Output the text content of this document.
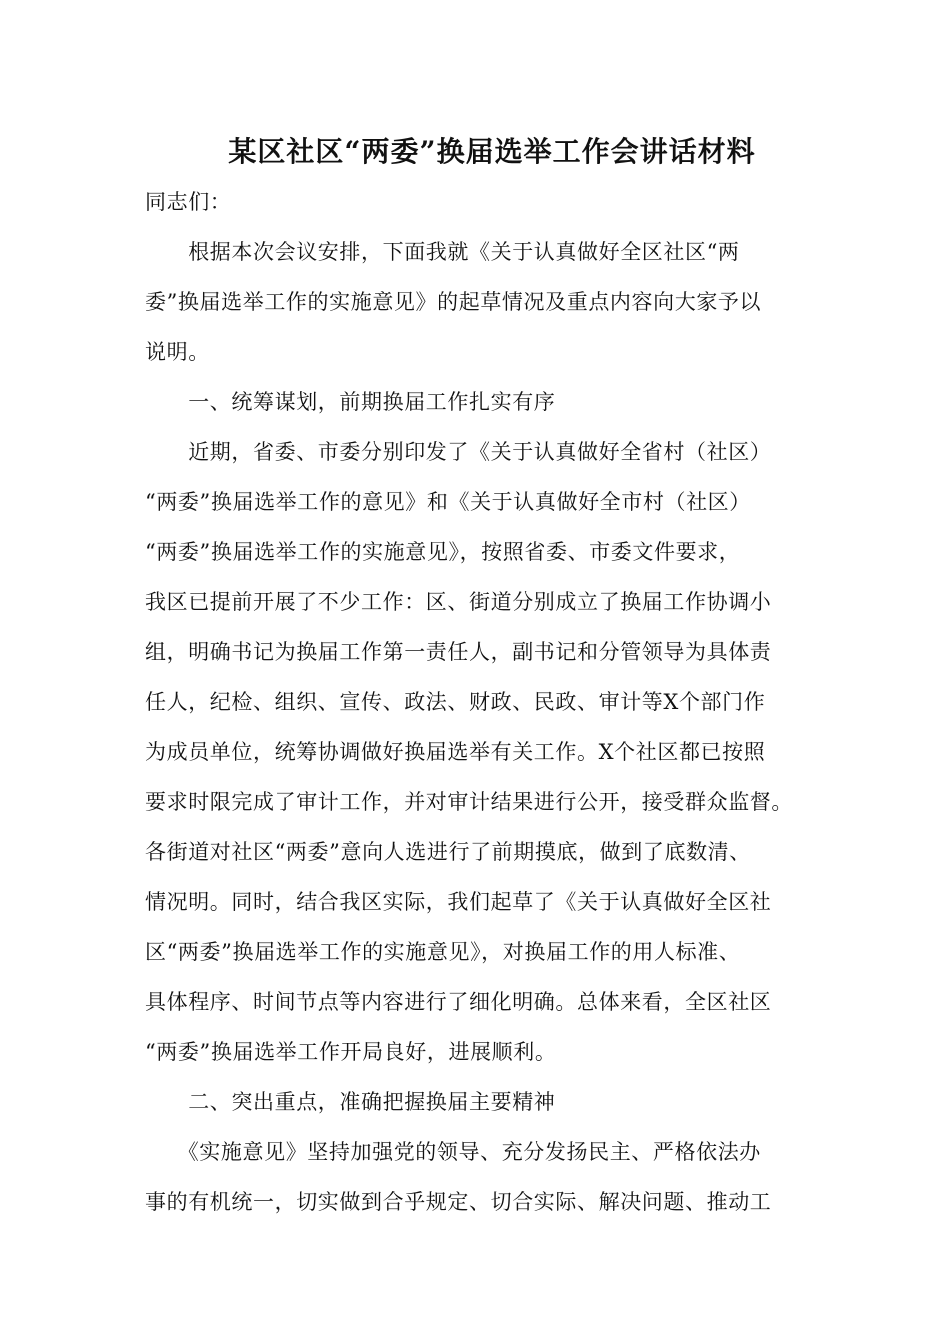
某区社区“两委”换届选举工作会讲话材料
同志们：
　　根据本次会议安排，下面我就《关于认真做好全区社区“两
委”换届选举工作的实施意见》的起草情况及重点内容向大家予以
说明。
　　一、统筹谋划，前期换届工作扎实有序
　　近期，省委、市委分别印发了《关于认真做好全省村（社区）
“两委”换届选举工作的意见》和《关于认真做好全市村（社区）
“两委”换届选举工作的实施意见》，按照省委、市委文件要求，
我区已提前开展了不少工作：区、街道分别成立了换届工作协调小
组，明确书记为换届工作第一责任人，副书记和分管领导为具体责
任人，纪检、组织、宣传、政法、财政、民政、审计等X个部门作
为成员单位，统筹协调做好换届选举有关工作。X个社区都已按照
要求时限完成了审计工作，并对审计结果进行公开，接受群众监督。
各街道对社区“两委”意向人选进行了前期摸底，做到了底数清、
情况明。同时，结合我区实际，我们起草了《关于认真做好全区社
区“两委”换届选举工作的实施意见》，对换届工作的用人标准、
具体程序、时间节点等内容进行了细化明确。总体来看，全区社区
“两委”换届选举工作开局良好，进展顺利。
　　二、突出重点，准确把握换届主要精神
　　《实施意见》坚持加强党的领导、充分发扬民主、严格依法办
事的有机统一，切实做到合乎规定、切合实际、解决问题、推动工
